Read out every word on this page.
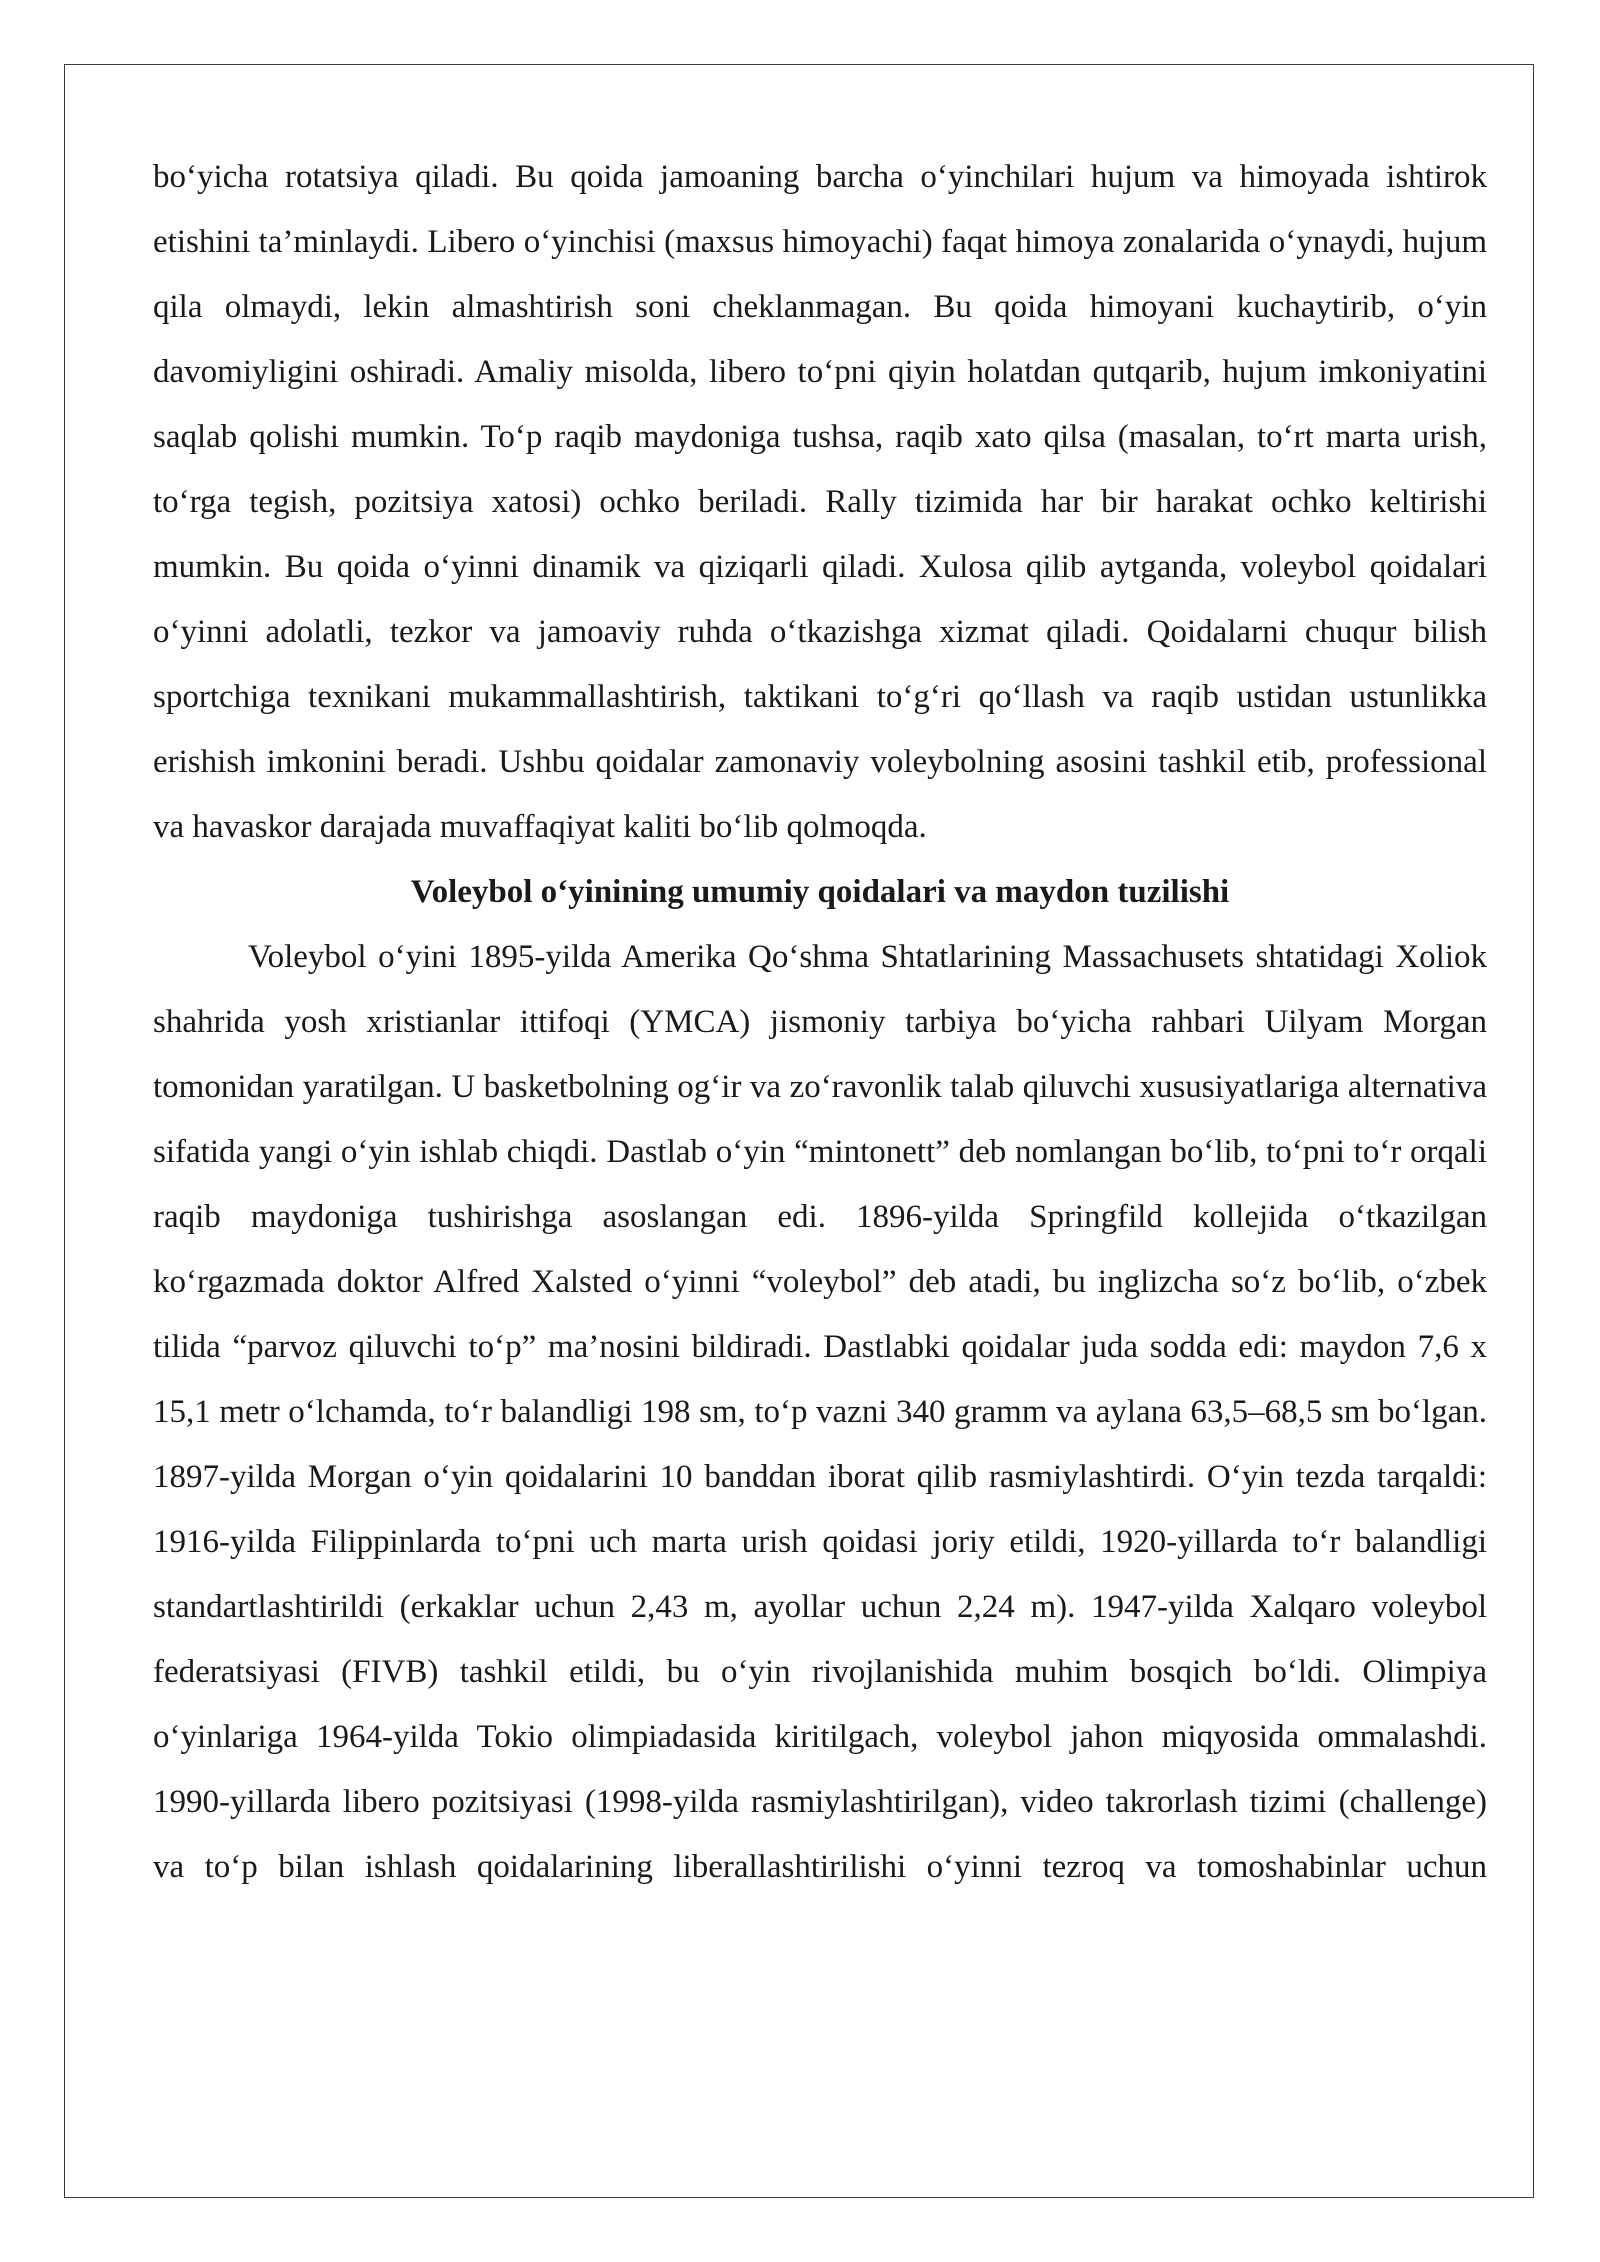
bo‘yicha rotatsiya qiladi. Bu qoida jamoaning barcha o‘yinchilari hujum va himoyada ishtirok etishini ta’minlaydi. Libero o‘yinchisi (maxsus himoyachi) faqat himoya zonalarida o‘ynaydi, hujum qila olmaydi, lekin almashtirish soni cheklanmagan. Bu qoida himoyani kuchaytirib, o‘yin davomiyligini oshiradi. Amaliy misolda, libero to‘pni qiyin holatdan qutqarib, hujum imkoniyatini saqlab qolishi mumkin. To‘p raqib maydoniga tushsa, raqib xato qilsa (masalan, to‘rt marta urish, to‘rga tegish, pozitsiya xatosi) ochko beriladi. Rally tizimida har bir harakat ochko keltirishi mumkin. Bu qoida o‘yinni dinamik va qiziqarli qiladi. Xulosa qilib aytganda, voleybol qoidalari o‘yinni adolatli, tezkor va jamoaviy ruhda o‘tkazishga xizmat qiladi. Qoidalarni chuqur bilish sportchiga texnikani mukammallashtirish, taktikani to‘g‘ri qo‘llash va raqib ustidan ustunlikka erishish imkonini beradi. Ushbu qoidalar zamonaviy voleybolning asosini tashkil etib, professional va havaskor darajada muvaffaqiyat kaliti bo‘lib qolmoqda.

Voleybol o‘yinining umumiy qoidalari va maydon tuzilishi

Voleybol o‘yini 1895-yilda Amerika Qo‘shma Shtatlarining Massachusets shtatidagi Xoliok shahrida yosh xristianlar ittifoqi (YMCA) jismoniy tarbiya bo‘yicha rahbari Uilyam Morgan tomonidan yaratilgan. U basketbolning og‘ir va zo‘ravonlik talab qiluvchi xususiyatlariga alternativa sifatida yangi o‘yin ishlab chiqdi. Dastlab o‘yin “mintonett” deb nomlangan bo‘lib, to‘pni to‘r orqali raqib maydoniga tushirishga asoslangan edi. 1896-yilda Springfild kollejida o‘tkazilgan ko‘rgazmada doktor Alfred Xalsted o‘yinni “voleybol” deb atadi, bu inglizcha so‘z bo‘lib, o‘zbek tilida “parvoz qiluvchi to‘p” ma’nosini bildiradi. Dastlabki qoidalar juda sodda edi: maydon 7,6 x 15,1 metr o‘lchamda, to‘r balandligi 198 sm, to‘p vazni 340 gramm va aylana 63,5–68,5 sm bo‘lgan. 1897-yilda Morgan o‘yin qoidalarini 10 banddan iborat qilib rasmiylashtirdi. O‘yin tezda tarqaldi: 1916-yilda Filippinlarda to‘pni uch marta urish qoidasi joriy etildi, 1920-yillarda to‘r balandligi standartlashtirildi (erkaklar uchun 2,43 m, ayollar uchun 2,24 m). 1947-yilda Xalqaro voleybol federatsiyasi (FIVB) tashkil etildi, bu o‘yin rivojlanishida muhim bosqich bo‘ldi. Olimpiya o‘yinlariga 1964-yilda Tokio olimpiadasida kiritilgach, voleybol jahon miqyosida ommalashdi. 1990-yillarda libero pozitsiyasi (1998-yilda rasmiylashtirilgan), video takrorlash tizimi (challenge) va to‘p bilan ishlash qoidalarining liberallashtirilishi o‘yinni tezroq va tomoshabinlar uchun
